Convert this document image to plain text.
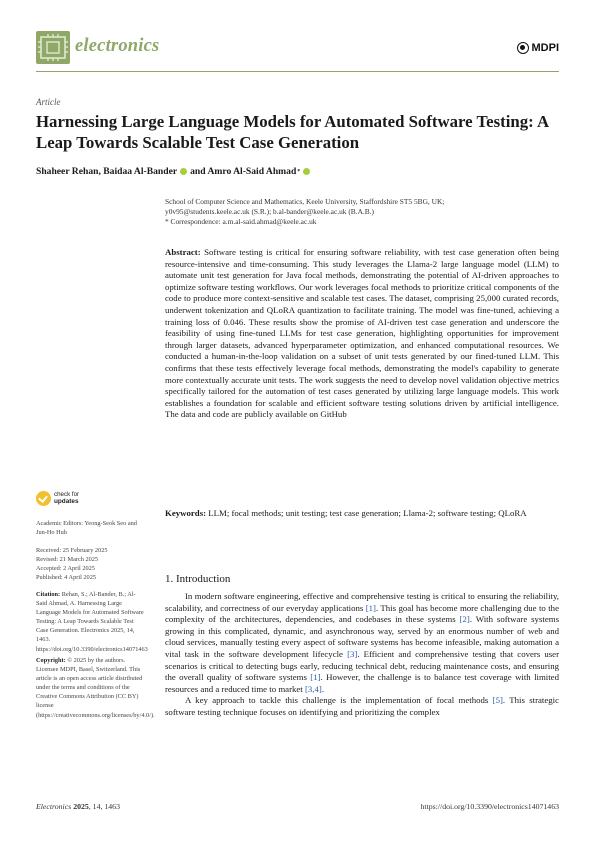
electronics	MDPI
Article
Harnessing Large Language Models for Automated Software Testing: A Leap Towards Scalable Test Case Generation
Shaheer Rehan,
Baidaa Al-Bander and Amro Al-Said Ahmad *
School of Computer Science and Mathematics, Keele University, Staffordshire ST5 5BG, UK;
y0v95@students.keele.ac.uk (S.R.); b.al-bander@keele.ac.uk (B.A.B.)
* Correspondence: a.m.al-said.ahmad@keele.ac.uk
Abstract: Software testing is critical for ensuring software reliability, with test case generation often being resource-intensive and time-consuming. This study leverages the Llama-2 large language model (LLM) to automate unit test generation for Java focal methods, demonstrating the potential of AI-driven approaches to optimize software testing workflows. Our work leverages focal methods to prioritize critical components of the code to produce more context-sensitive and scalable test cases. The dataset, comprising 25,000 curated records, underwent tokenization and QLoRA quantization to facilitate training. The model was fine-tuned, achieving a training loss of 0.046. These results show the promise of AI-driven test case generation and underscore the feasibility of using fine-tuned LLMs for test case generation, highlighting opportunities for improvement through larger datasets, advanced hyperparameter optimization, and enhanced computational resources. We conducted a human-in-the-loop validation on a subset of unit tests generated by our fined-tuned LLM. This confirms that these tests effectively leverage focal methods, demonstrating the model's capability to generate more contextually accurate unit tests. The work suggests the need to develop novel validation objective metrics specifically tailored for the automation of test cases generated by utilizing large language models. This work establishes a foundation for scalable and efficient software testing solutions driven by artificial intelligence. The data and code are publicly available on GitHub
Keywords: LLM; focal methods; unit testing; test case generation; Llama-2; software testing; QLoRA
check for
updates
Academic Editors: Yeong-Seok Seo and Jun-Ho Huh

Received: 25 February 2025

Revised: 21 March 2025

Accepted: 2 April 2025

Published: 4 April 2025

Citation: Rehan, S.; Al-Bander, B.; Al-Said Ahmad, A. Harnessing Large Language Models for Automated Software Testing: A Leap Towards Scalable Test Case Generation. Electronics 2025, 14, 1463. https://doi.org/10.3390/electronics14071463
Copyright: © 2025 by the authors. Licensee MDPI, Basel, Switzerland. This article is an open access article distributed under the terms and conditions of the Creative Commons Attribution (CC BY) license (https://creativecommons.org/licenses/by/4.0/).
1. Introduction

In modern software engineering, effective and comprehensive testing is critical to ensuring the reliability, scalability, and correctness of our everyday applications [1]. This goal has become more challenging due to the complexity of the architectures, dependencies, and codebases in these systems [2]. With software systems growing in this complicated, dynamic, and asynchronous way, served by an enormous number of web and cloud services, manually testing every aspect of software systems has become infeasible, making automation a vital task in the software development lifecycle [3]. Efficient and comprehensive testing that covers user scenarios is critical to detecting bugs early, reducing technical debt, reducing maintenance costs, and ensuring the overall quality of software systems [1]. However, the challenge is to balance test coverage with limited resources and a reduced time to market [3,4].

A key approach to tackle this challenge is the implementation of focal methods [5]. This strategic software testing technique focuses on identifying and prioritizing the complex

Electronics 2025, 14, 1463	https://doi.org/10.3390/electronics14071463
